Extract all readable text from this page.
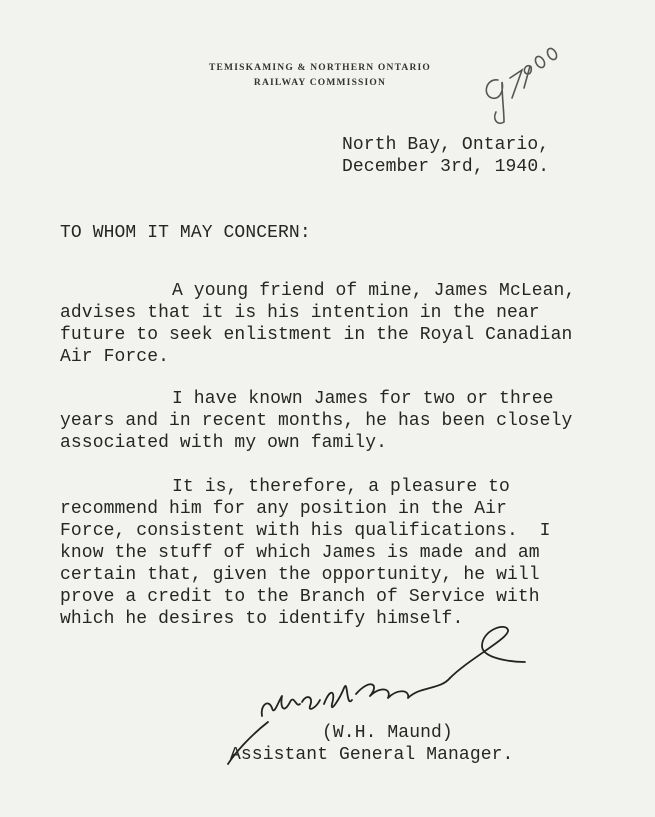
TEMISKAMING & NORTHERN ONTARIO
RAILWAY COMMISSION
North Bay, Ontario,
December 3rd, 1940.
TO WHOM IT MAY CONCERN:
A young friend of mine, James McLean,
advises that it is his intention in the near
future to seek enlistment in the Royal Canadian
Air Force.
I have known James for two or three
years and in recent months, he has been closely
associated with my own family.
It is, therefore, a pleasure to
recommend him for any position in the Air
Force, consistent with his qualifications.  I
know the stuff of which James is made and am
certain that, given the opportunity, he will
prove a credit to the Branch of Service with
which he desires to identify himself.
(W.H. Maund)
Assistant General Manager.
